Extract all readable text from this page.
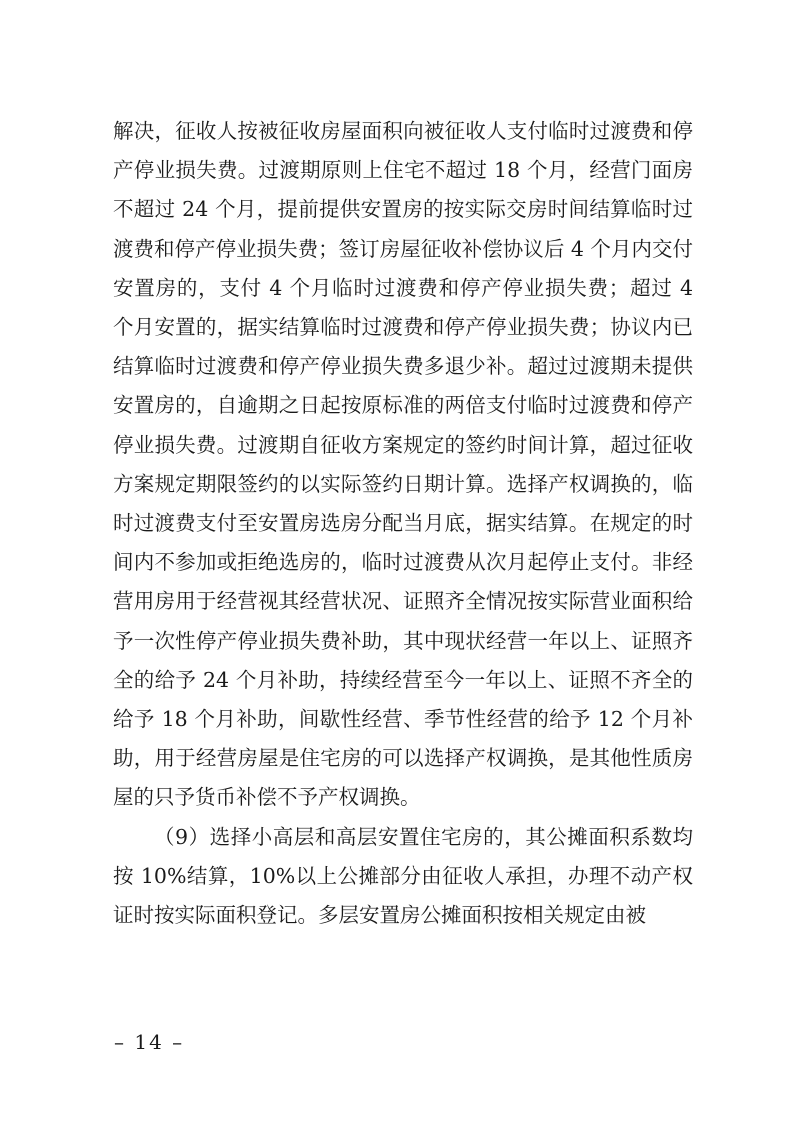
解决，征收人按被征收房屋面积向被征收人支付临时过渡费和停产停业损失费。过渡期原则上住宅不超过 18 个月，经营门面房不超过 24 个月，提前提供安置房的按实际交房时间结算临时过渡费和停产停业损失费；签订房屋征收补偿协议后 4 个月内交付安置房的，支付 4 个月临时过渡费和停产停业损失费；超过 4 个月安置的，据实结算临时过渡费和停产停业损失费；协议内已结算临时过渡费和停产停业损失费多退少补。超过过渡期未提供安置房的，自逾期之日起按原标准的两倍支付临时过渡费和停产停业损失费。过渡期自征收方案规定的签约时间计算，超过征收方案规定期限签约的以实际签约日期计算。选择产权调换的，临时过渡费支付至安置房选房分配当月底，据实结算。在规定的时间内不参加或拒绝选房的，临时过渡费从次月起停止支付。非经营用房用于经营视其经营状况、证照齐全情况按实际营业面积给予一次性停产停业损失费补助，其中现状经营一年以上、证照齐全的给予 24 个月补助，持续经营至今一年以上、证照不齐全的给予 18 个月补助，间歇性经营、季节性经营的给予 12 个月补助，用于经营房屋是住宅房的可以选择产权调换，是其他性质房屋的只予货币补偿不予产权调换。

（9）选择小高层和高层安置住宅房的，其公摊面积系数均按 10%结算，10%以上公摊部分由征收人承担，办理不动产权证时按实际面积登记。多层安置房公摊面积按相关规定由被

– 14 –
